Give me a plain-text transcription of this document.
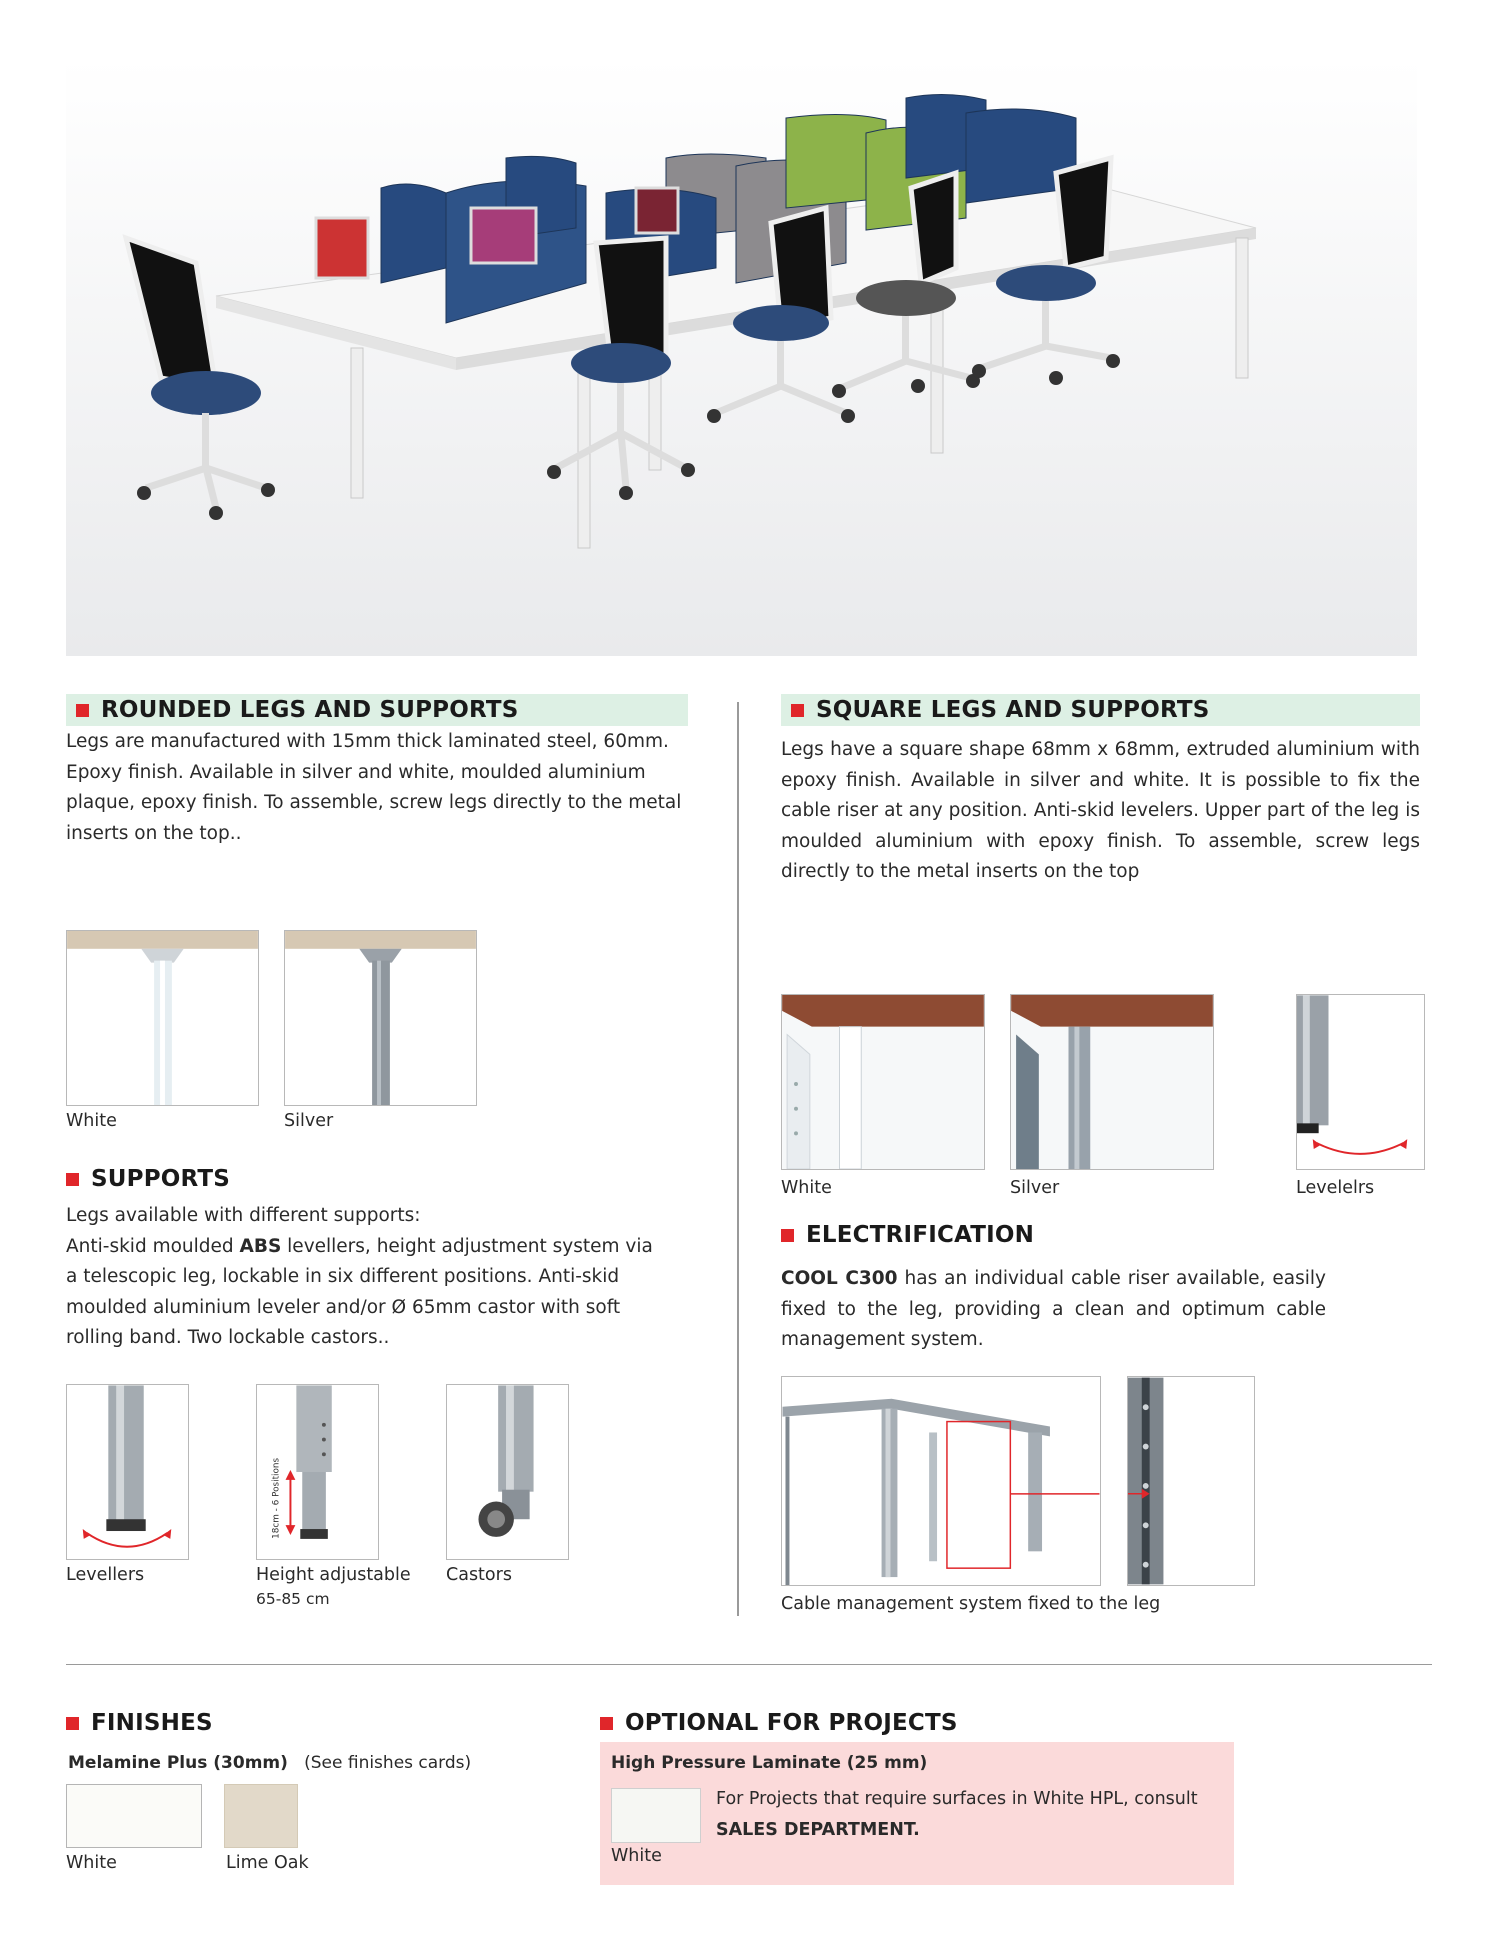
ROUNDED LEGS AND SUPPORTS
Legs are manufactured with 15mm thick laminated steel, 60mm. Epoxy finish. Available in silver and white, moulded aluminium plaque, epoxy finish. To assemble, screw legs directly to the metal inserts on the top..
White	Silver
SUPPORTS
Legs available with different supports:
Anti-skid moulded ABS levellers, height adjustment system via a telescopic leg, lockable in six different positions. Anti-skid moulded aluminium leveler and/or Ø 65mm castor with soft rolling band. Two lockable castors..
18cm - 6 Positions
Levellers	Height adjustable
65-85 cm
Castors
SQUARE LEGS AND SUPPORTS
Legs have a square shape 68mm x 68mm, extruded aluminium with epoxy finish. Available in silver and white. It is possible to fix the cable riser at any position. Anti-skid levelers. Upper part of the leg is moulded aluminium with epoxy finish. To assemble, screw legs directly to the metal inserts on the top
White	Silver	Levelelrs
ELECTRIFICATION
COOL C300 has an individual cable riser available, easily fixed to the leg, providing a clean and optimum cable management system.
Cable management system fixed to the leg
FINISHES
Melamine Plus (30mm) (See finishes cards)
White	Lime Oak
OPTIONAL FOR PROJECTS
High Pressure Laminate (25 mm)
For Projects that require surfaces in White HPL, consult
SALES DEPARTMENT.
White
